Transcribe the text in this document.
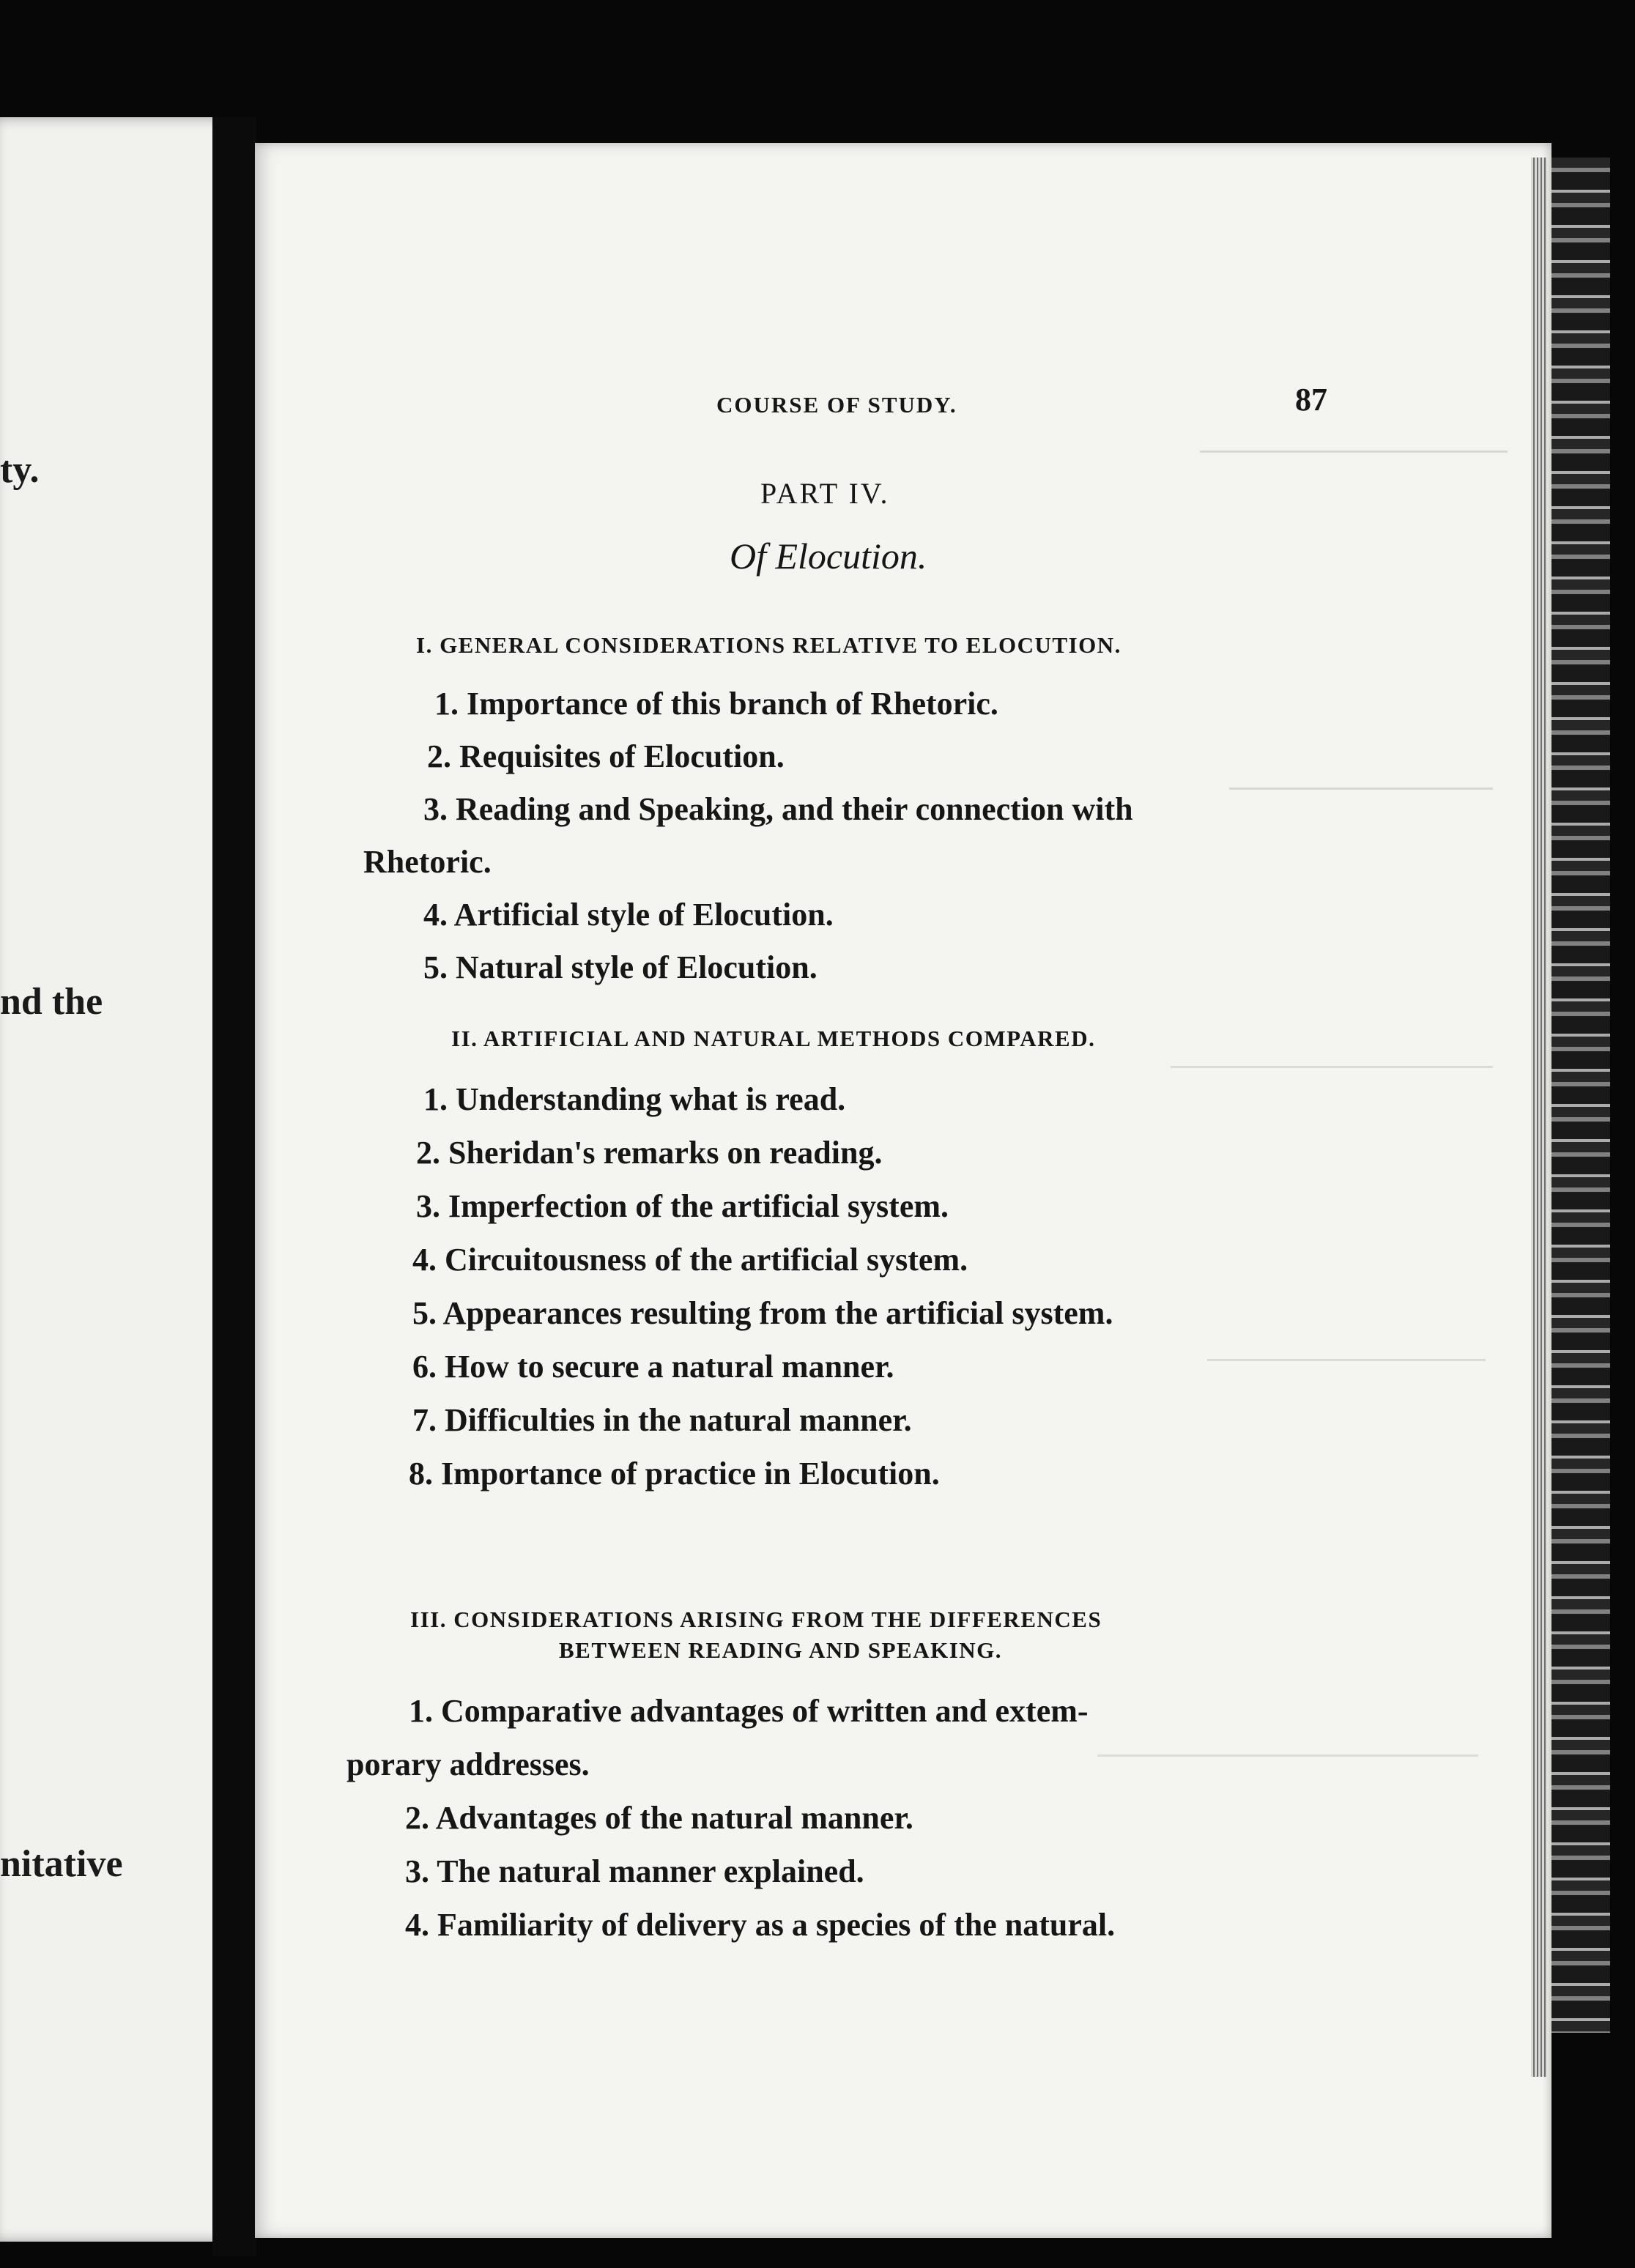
ty.
nd the
nitative
COURSE OF STUDY.	87
PART IV.
Of Elocution.
I. GENERAL CONSIDERATIONS RELATIVE TO ELOCUTION.
1. Importance of this branch of Rhetoric.
2. Requisites of Elocution.
3. Reading and Speaking, and their connection with
Rhetoric.
4. Artificial style of Elocution.
5. Natural style of Elocution.
II. ARTIFICIAL AND NATURAL METHODS COMPARED.
1. Understanding what is read.
2. Sheridan's remarks on reading.
3. Imperfection of the artificial system.
4. Circuitousness of the artificial system.
5. Appearances resulting from the artificial system.
6. How to secure a natural manner.
7. Difficulties in the natural manner.
8. Importance of practice in Elocution.
III. CONSIDERATIONS ARISING FROM THE DIFFERENCES
BETWEEN READING AND SPEAKING.
1. Comparative advantages of written and extem-
porary addresses.
2. Advantages of the natural manner.
3. The natural manner explained.
4. Familiarity of delivery as a species of the natural.
